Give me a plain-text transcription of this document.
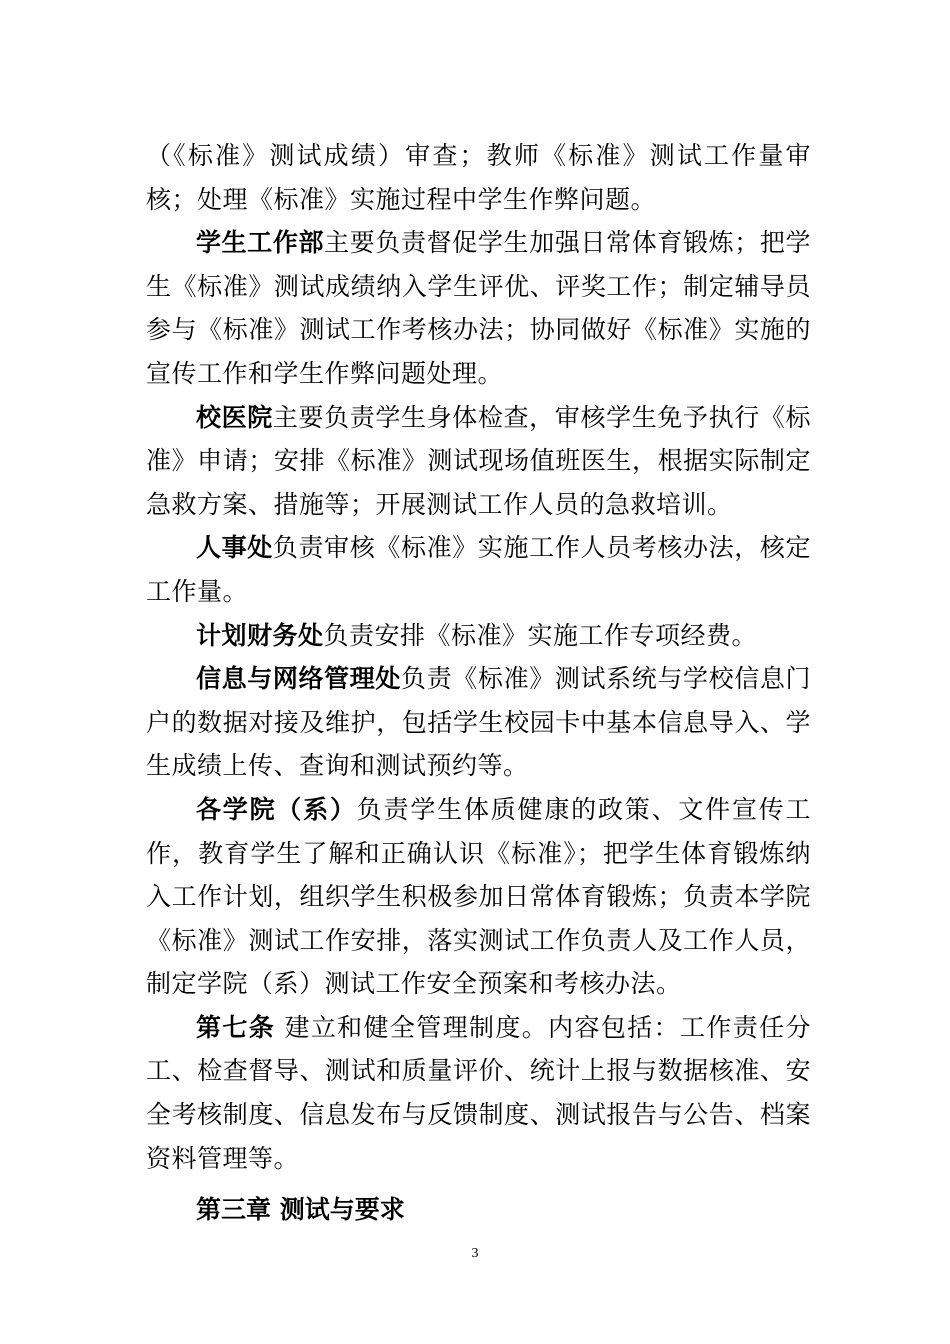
（《标准》测试成绩）审查；教师《标准》测试工作量审核；处理《标准》实施过程中学生作弊问题。

学生工作部主要负责督促学生加强日常体育锻炼；把学生《标准》测试成绩纳入学生评优、评奖工作；制定辅导员参与《标准》测试工作考核办法；协同做好《标准》实施的宣传工作和学生作弊问题处理。

校医院主要负责学生身体检查，审核学生免予执行《标准》申请；安排《标准》测试现场值班医生，根据实际制定急救方案、措施等；开展测试工作人员的急救培训。

人事处负责审核《标准》实施工作人员考核办法，核定工作量。

计划财务处负责安排《标准》实施工作专项经费。

信息与网络管理处负责《标准》测试系统与学校信息门户的数据对接及维护，包括学生校园卡中基本信息导入、学生成绩上传、查询和测试预约等。

各学院（系）负责学生体质健康的政策、文件宣传工作，教育学生了解和正确认识《标准》；把学生体育锻炼纳入工作计划，组织学生积极参加日常体育锻炼；负责本学院《标准》测试工作安排，落实测试工作负责人及工作人员，制定学院（系）测试工作安全预案和考核办法。

第七条 建立和健全管理制度。内容包括：工作责任分工、检查督导、测试和质量评价、统计上报与数据核准、安全考核制度、信息发布与反馈制度、测试报告与公告、档案资料管理等。

第三章 测试与要求

3
